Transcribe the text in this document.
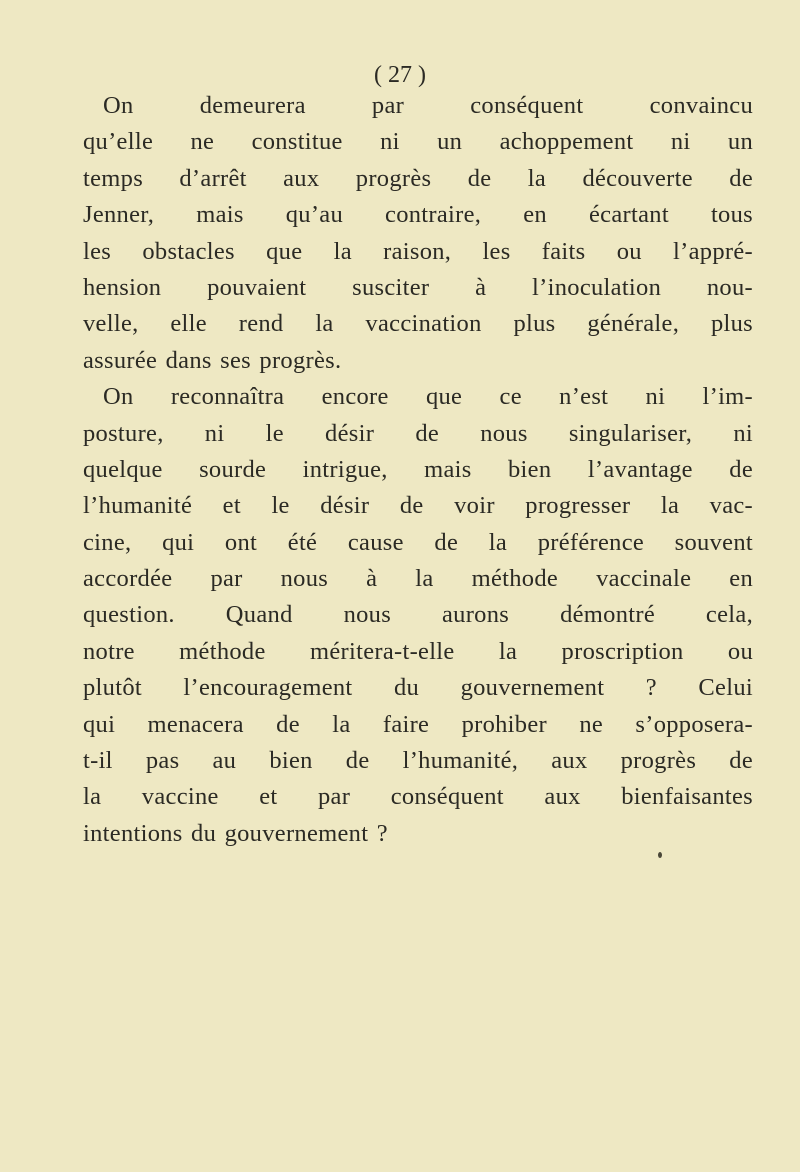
( 27 )
On demeurera par conséquent convaincu
qu’elle ne constitue ni un achoppement ni un
temps d’arrêt aux progrès de la découverte de
Jenner, mais qu’au contraire, en écartant tous
les obstacles que la raison, les faits ou l’appré-
hension pouvaient susciter à l’inoculation nou-
velle, elle rend la vaccination plus générale, plus
assurée dans ses progrès.
On reconnaîtra encore que ce n’est ni l’im-
posture, ni le désir de nous singulariser, ni
quelque sourde intrigue, mais bien l’avantage de
l’humanité et le désir de voir progresser la vac-
cine, qui ont été cause de la préférence souvent
accordée par nous à la méthode vaccinale en
question. Quand nous aurons démontré cela,
notre méthode méritera-t-elle la proscription ou
plutôt l’encouragement du gouvernement ? Celui
qui menacera de la faire prohiber ne s’opposera-
t-il pas au bien de l’humanité, aux progrès de
la vaccine et par conséquent aux bienfaisantes
intentions du gouvernement ?
